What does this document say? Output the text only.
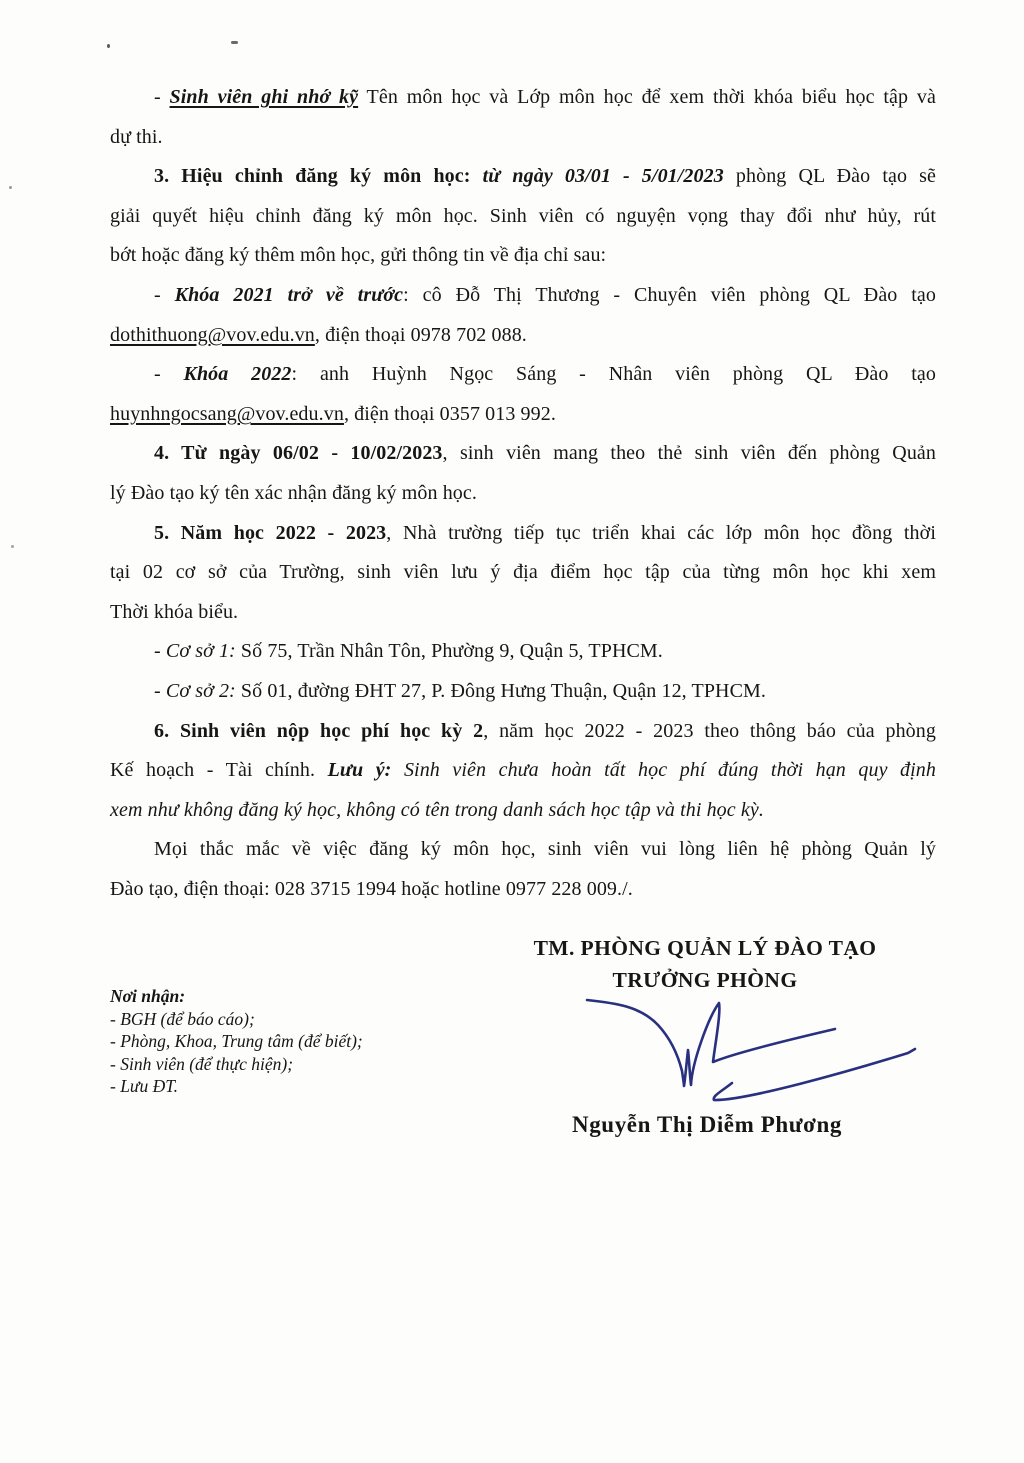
- Sinh viên ghi nhớ kỹ Tên môn học và Lớp môn học để xem thời khóa biểu học tập và
dự thi.
3. Hiệu chỉnh đăng ký môn học: từ ngày 03/01 - 5/01/2023 phòng QL Đào tạo sẽ
giải quyết hiệu chỉnh đăng ký môn học. Sinh viên có nguyện vọng thay đổi như hủy, rút
bớt hoặc đăng ký thêm môn học, gửi thông tin về địa chỉ sau:
- Khóa 2021 trở về trước: cô Đỗ Thị Thương - Chuyên viên phòng QL Đào tạo
dothithuong@vov.edu.vn, điện thoại 0978 702 088.
- Khóa 2022: anh Huỳnh Ngọc Sáng - Nhân viên phòng QL Đào tạo
huynhngocsang@vov.edu.vn, điện thoại 0357 013 992.
4. Từ ngày 06/02 - 10/02/2023, sinh viên mang theo thẻ sinh viên đến phòng Quản
lý Đào tạo ký tên xác nhận đăng ký môn học.
5. Năm học 2022 - 2023, Nhà trường tiếp tục triển khai các lớp môn học đồng thời
tại 02 cơ sở của Trường, sinh viên lưu ý địa điểm học tập của từng môn học khi xem
Thời khóa biểu.
- Cơ sở 1: Số 75, Trần Nhân Tôn, Phường 9, Quận 5, TPHCM.
- Cơ sở 2: Số 01, đường ĐHT 27, P. Đông Hưng Thuận, Quận 12, TPHCM.
6. Sinh viên nộp học phí học kỳ 2, năm học 2022 - 2023 theo thông báo của phòng
Kế hoạch - Tài chính. Lưu ý: Sinh viên chưa hoàn tất học phí đúng thời hạn quy định
xem như không đăng ký học, không có tên trong danh sách học tập và thi học kỳ.
Mọi thắc mắc về việc đăng ký môn học, sinh viên vui lòng liên hệ phòng Quản lý
Đào tạo, điện thoại: 028 3715 1994 hoặc hotline 0977 228 009./.
TM. PHÒNG QUẢN LÝ ĐÀO TẠO
TRƯỞNG PHÒNG
Nguyễn Thị Diễm Phương
Nơi nhận:
- BGH (để báo cáo);
- Phòng, Khoa, Trung tâm (để biết);
- Sinh viên (để thực hiện);
- Lưu ĐT.
